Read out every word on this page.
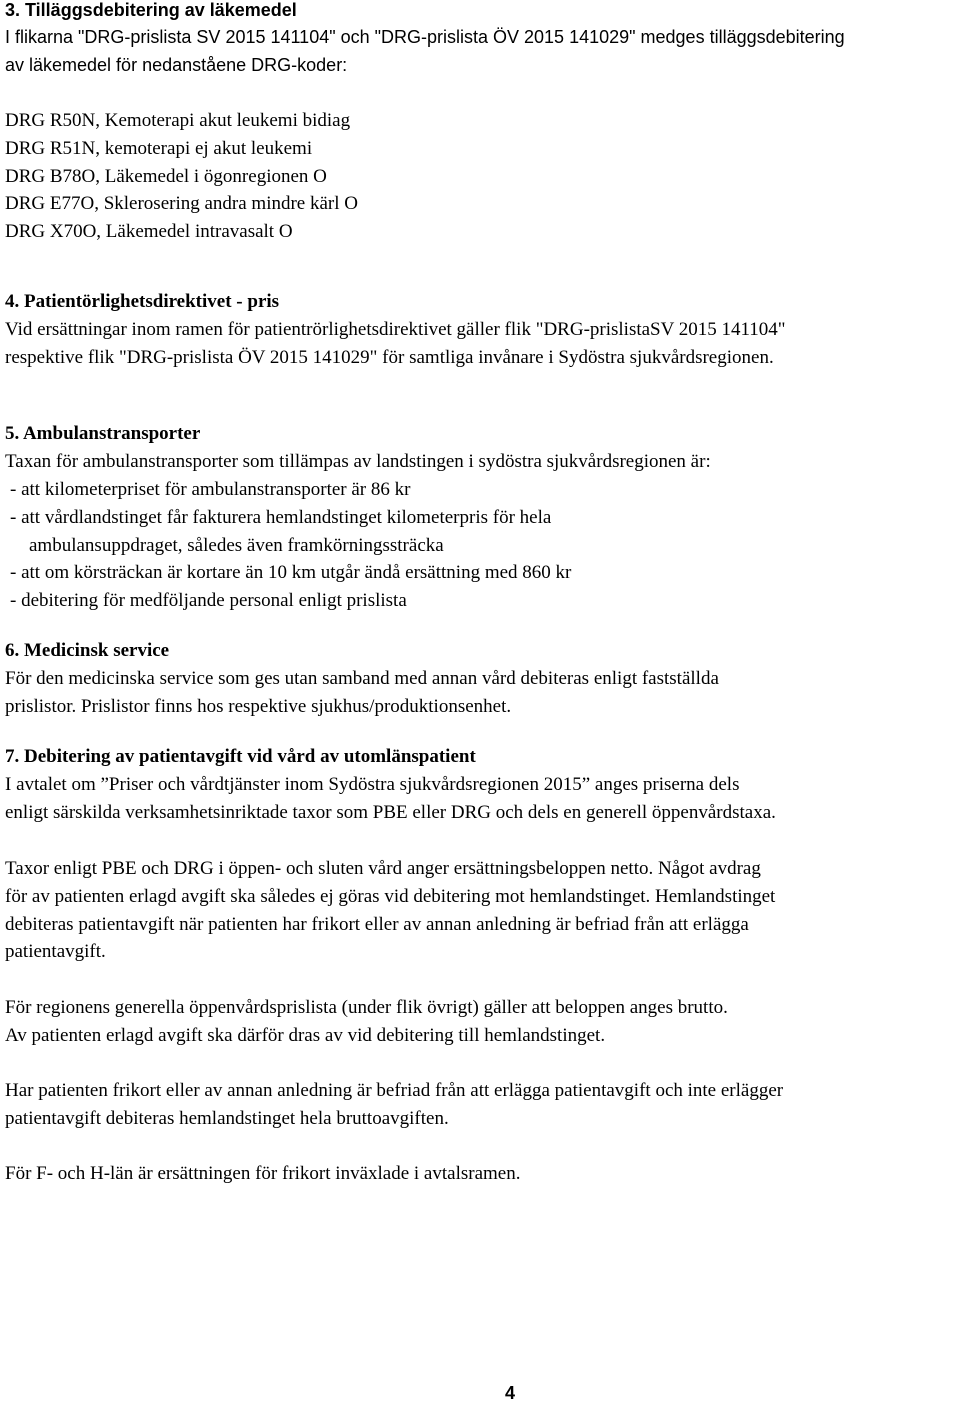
3. Tilläggsdebitering av läkemedel
I flikarna "DRG-prislista SV 2015 141104" och "DRG-prislista ÖV 2015 141029" medges tilläggsdebitering
av läkemedel för nedanståene DRG-koder:
DRG R50N, Kemoterapi akut leukemi bidiag
DRG R51N, kemoterapi ej akut leukemi
DRG B78O, Läkemedel i ögonregionen O
DRG E77O, Sklerosering andra mindre kärl O
DRG X70O, Läkemedel intravasalt O
4. Patientörlighetsdirektivet - pris
Vid ersättningar inom ramen för patientrörlighetsdirektivet gäller flik "DRG-prislistaSV 2015 141104"
respektive flik "DRG-prislista ÖV 2015 141029" för samtliga invånare i Sydöstra sjukvårdsregionen.
5. Ambulanstransporter
Taxan för ambulanstransporter som tillämpas av landstingen i sydöstra sjukvårdsregionen är:
- att kilometerpriset för ambulanstransporter är 86 kr
- att vårdlandstinget får fakturera hemlandstinget kilometerpris för hela
ambulansuppdraget, således även framkörningssträcka
- att om körsträckan är kortare än 10 km utgår ändå ersättning med 860 kr
- debitering för medföljande personal enligt prislista
6. Medicinsk service
För den medicinska service som ges utan samband med annan vård debiteras enligt fastställda
prislistor. Prislistor finns hos respektive sjukhus/produktionsenhet.
7. Debitering av patientavgift vid vård av utomlänspatient
I avtalet om ”Priser och vårdtjänster inom Sydöstra sjukvårdsregionen 2015” anges priserna dels
enligt särskilda verksamhetsinriktade taxor som PBE eller DRG och dels en generell öppenvårdstaxa.
Taxor enligt PBE och DRG i öppen- och sluten vård anger ersättningsbeloppen netto. Något avdrag
för av patienten erlagd avgift ska således ej göras vid debitering mot hemlandstinget. Hemlandstinget
debiteras patientavgift när patienten har frikort eller av annan anledning är befriad från att erlägga
patientavgift.
För regionens generella öppenvårdsprislista (under flik övrigt) gäller att beloppen anges brutto.
Av patienten erlagd avgift ska därför dras av vid debitering till hemlandstinget.
Har patienten frikort eller av annan anledning är befriad från att erlägga patientavgift och inte erlägger
patientavgift debiteras hemlandstinget hela bruttoavgiften.
För F- och H-län är ersättningen för frikort inväxlade i avtalsramen.
4
